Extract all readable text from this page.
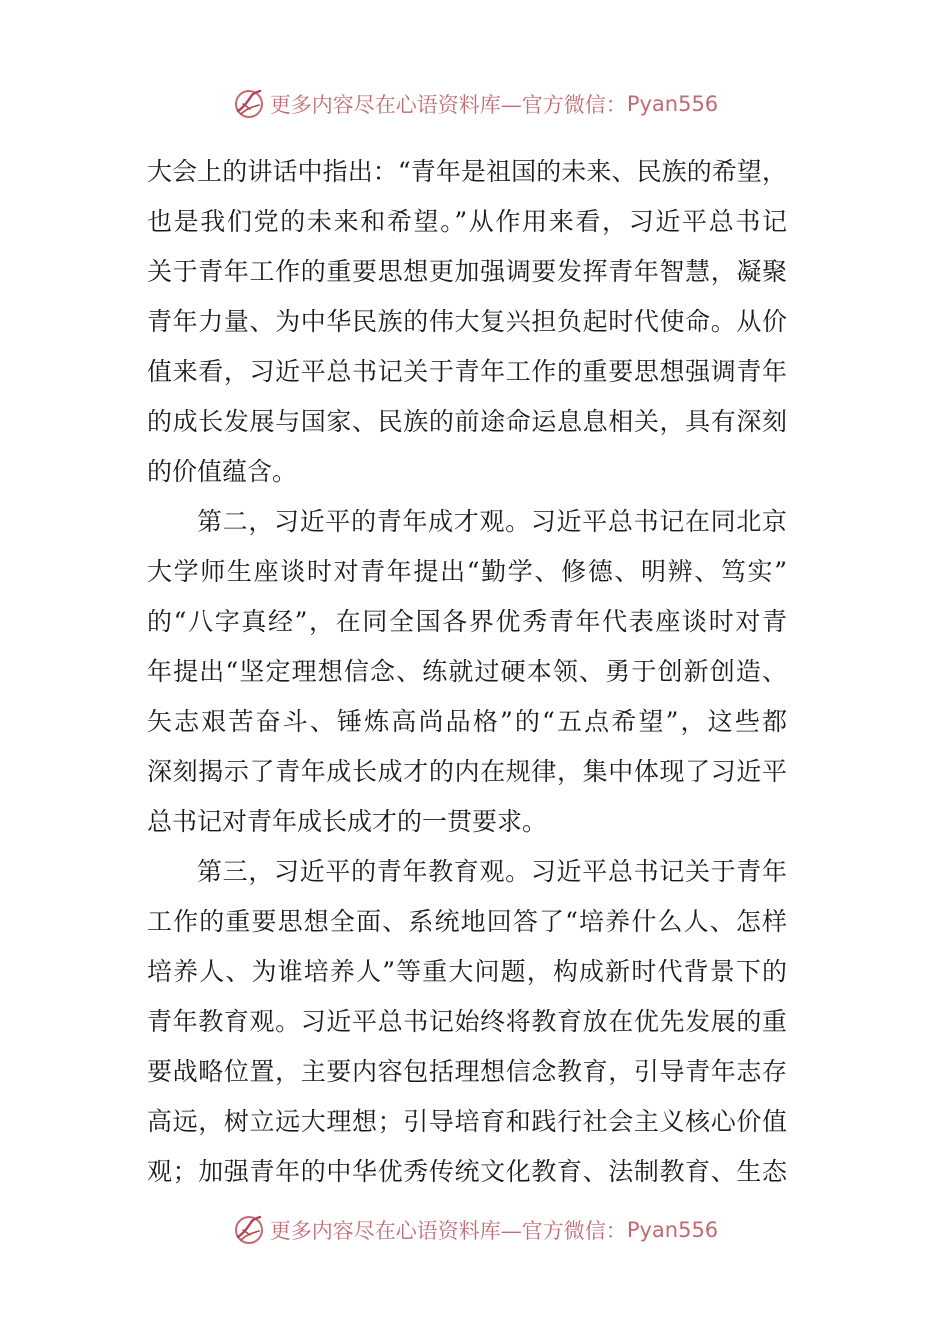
更多内容尽在心语资料库—官方微信： Pyan556
大会上的讲话中指出：“青年是祖国的未来、民族的希望，
也是我们党的未来和希望。”从作用来看，习近平总书记
关于青年工作的重要思想更加强调要发挥青年智慧，凝聚
青年力量、为中华民族的伟大复兴担负起时代使命。从价
值来看，习近平总书记关于青年工作的重要思想强调青年
的成长发展与国家、民族的前途命运息息相关，具有深刻
的价值蕴含。
第二，习近平的青年成才观。习近平总书记在同北京
大学师生座谈时对青年提出“勤学、修德、明辨、笃实”
的“八字真经”，在同全国各界优秀青年代表座谈时对青
年提出“坚定理想信念、练就过硬本领、勇于创新创造、
矢志艰苦奋斗、锤炼高尚品格”的“五点希望”，这些都
深刻揭示了青年成长成才的内在规律，集中体现了习近平
总书记对青年成长成才的一贯要求。
第三，习近平的青年教育观。习近平总书记关于青年
工作的重要思想全面、系统地回答了“培养什么人、怎样
培养人、为谁培养人”等重大问题，构成新时代背景下的
青年教育观。习近平总书记始终将教育放在优先发展的重
要战略位置，主要内容包括理想信念教育，引导青年志存
高远，树立远大理想；引导培育和践行社会主义核心价值
观；加强青年的中华优秀传统文化教育、法制教育、生态
更多内容尽在心语资料库—官方微信： Pyan556
